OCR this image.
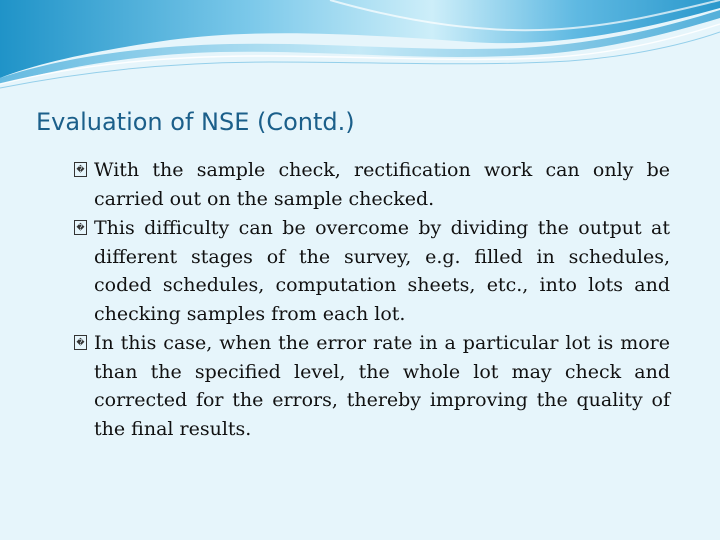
Evaluation of NSE (Contd.)
� With the sample check, rectification work can only be carried out on the sample checked.
� This difficulty can be overcome by dividing the output at different stages of the survey, e.g. filled in schedules, coded schedules, computation sheets, etc., into lots and checking samples from each lot.
� In this case, when the error rate in a particular lot is more than the specified level, the whole lot may check and corrected for the errors, thereby improving the quality of the final results.
